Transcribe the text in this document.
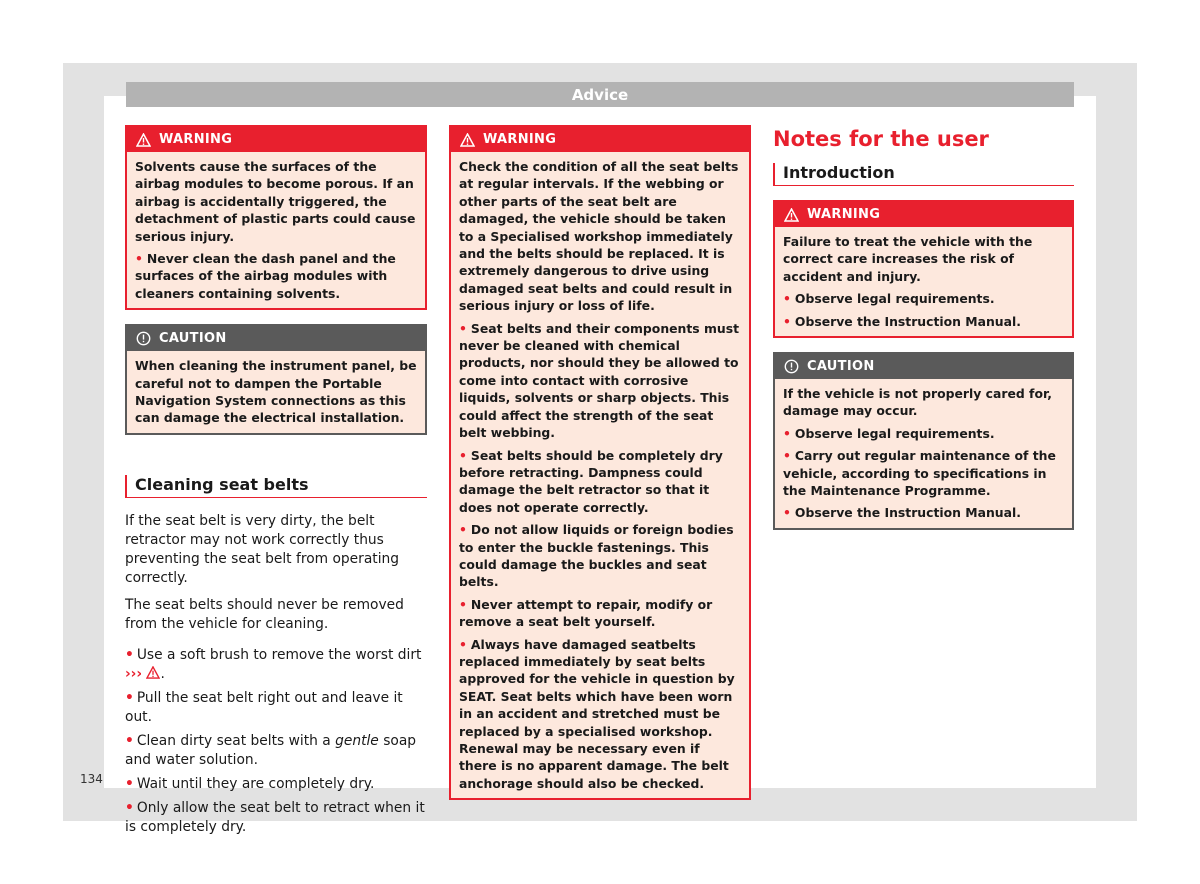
Advice
134
WARNING

Solvents cause the surfaces of the airbag modules to become porous. If an airbag is accidentally triggered, the detachment of plastic parts could cause serious injury.

• Never clean the dash panel and the surfaces of the airbag modules with cleaners containing solvents.

CAUTION

When cleaning the instrument panel, be careful not to dampen the Portable Navigation System connections as this can damage the electrical installation.

Cleaning seat belts

If the seat belt is very dirty, the belt retractor may not work correctly thus preventing the seat belt from operating correctly.

The seat belts should never be removed from the vehicle for cleaning.

• Use a soft brush to remove the worst dirt
››› .

• Pull the seat belt right out and leave it out.

• Clean dirty seat belts with a gentle soap and water solution.

• Wait until they are completely dry.

• Only allow the seat belt to retract when it is completely dry.

WARNING

Check the condition of all the seat belts at regular intervals. If the webbing or other parts of the seat belt are damaged, the vehicle should be taken to a Specialised workshop immediately and the belts should be replaced. It is extremely dangerous to drive using damaged seat belts and could result in serious injury or loss of life.

• Seat belts and their components must never be cleaned with chemical products, nor should they be allowed to come into contact with corrosive liquids, solvents or sharp objects. This could affect the strength of the seat belt webbing.

• Seat belts should be completely dry before retracting. Dampness could damage the belt retractor so that it does not operate correctly.

• Do not allow liquids or foreign bodies to enter the buckle fastenings. This could damage the buckles and seat belts.

• Never attempt to repair, modify or remove a seat belt yourself.

• Always have damaged seatbelts replaced immediately by seat belts approved for the vehicle in question by SEAT. Seat belts which have been worn in an accident and stretched must be replaced by a specialised workshop. Renewal may be necessary even if there is no apparent damage. The belt anchorage should also be checked.

Notes for the user
Introduction
WARNING

Failure to treat the vehicle with the correct care increases the risk of accident and injury.

• Observe legal requirements.

• Observe the Instruction Manual.

CAUTION

If the vehicle is not properly cared for, damage may occur.

• Observe legal requirements.

• Carry out regular maintenance of the vehicle, according to specifications in the Maintenance Programme.

• Observe the Instruction Manual.
